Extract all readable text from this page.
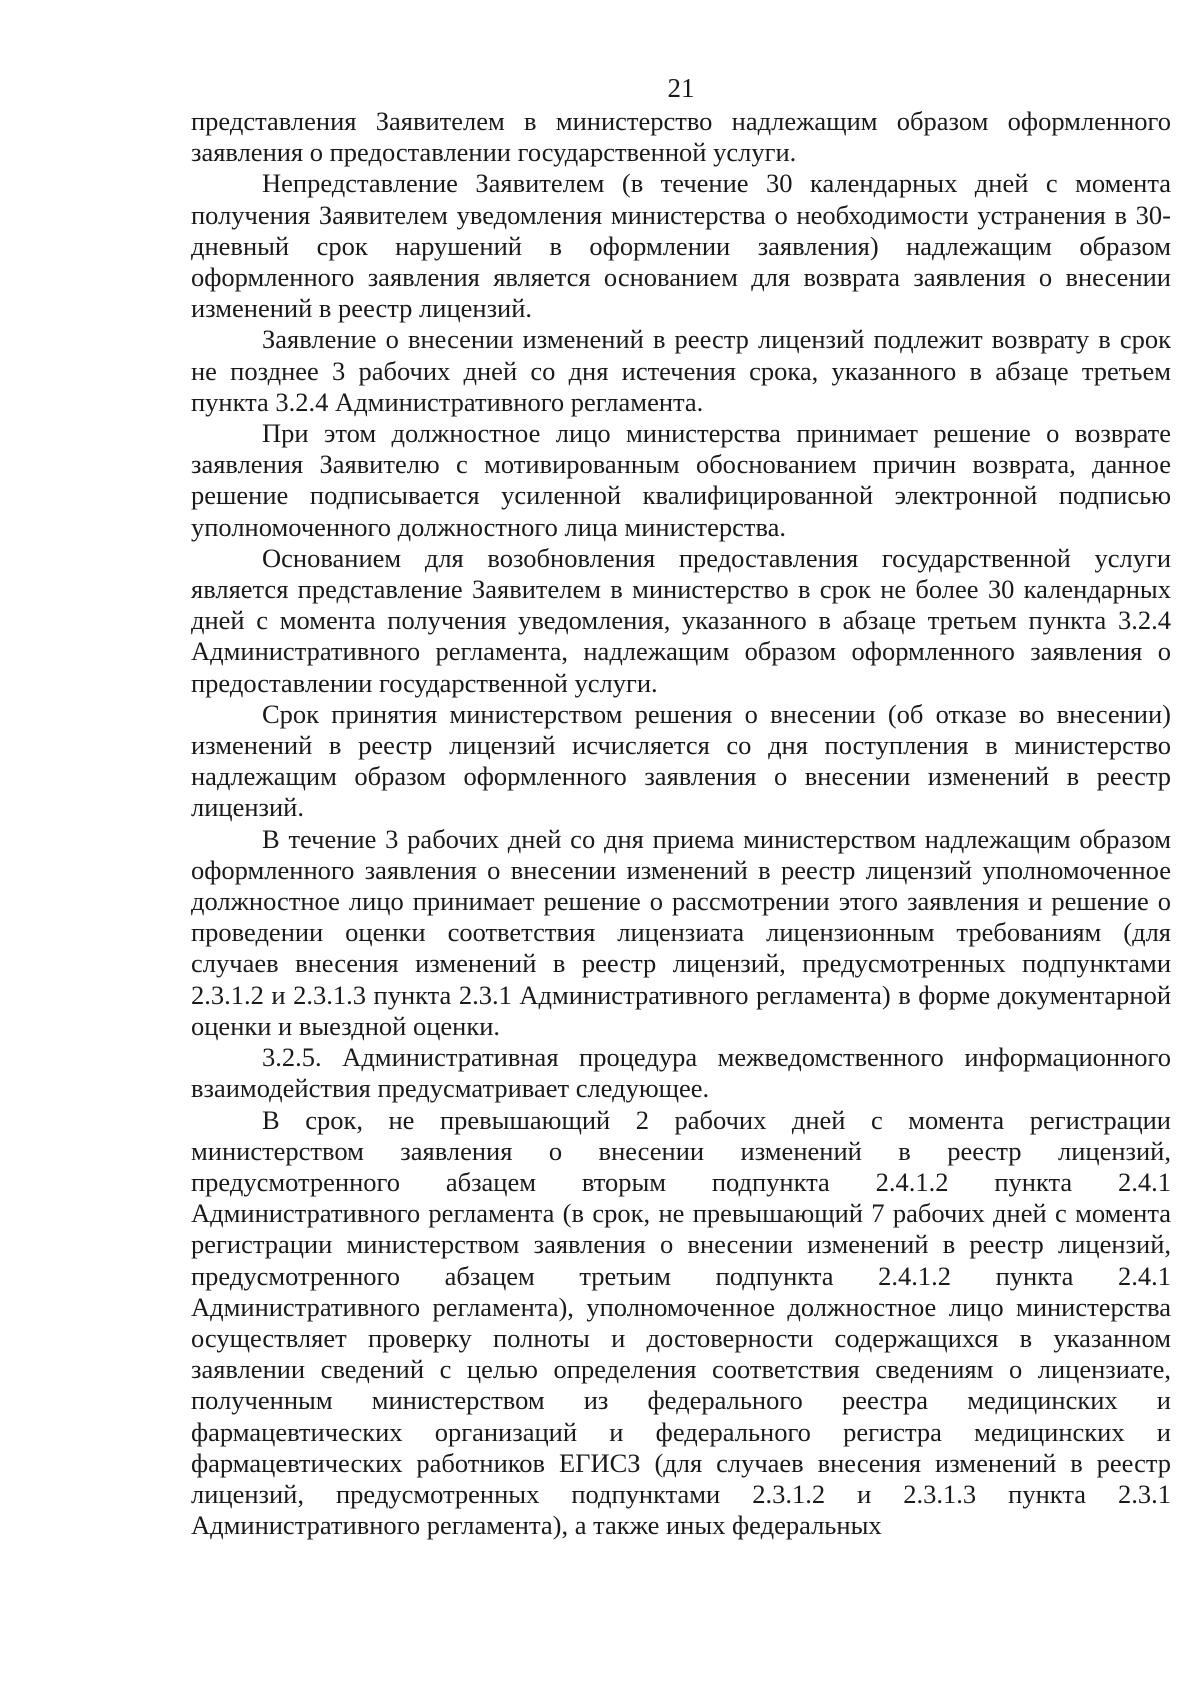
21

представления Заявителем в министерство надлежащим образом оформленного заявления о предоставлении государственной услуги.

Непредставление Заявителем (в течение 30 календарных дней с момента получения Заявителем уведомления министерства о необходимости устранения в 30-дневный срок нарушений в оформлении заявления) надлежащим образом оформленного заявления является основанием для возврата заявления о внесении изменений в реестр лицензий.

Заявление о внесении изменений в реестр лицензий подлежит возврату в срок не позднее 3 рабочих дней со дня истечения срока, указанного в абзаце третьем пункта 3.2.4 Административного регламента.

При этом должностное лицо министерства принимает решение о возврате заявления Заявителю с мотивированным обоснованием причин возврата, данное решение подписывается усиленной квалифицированной электронной подписью уполномоченного должностного лица министерства.

Основанием для возобновления предоставления государственной услуги является представление Заявителем в министерство в срок не более 30 календарных дней с момента получения уведомления, указанного в абзаце третьем пункта 3.2.4 Административного регламента, надлежащим образом оформленного заявления о предоставлении государственной услуги.

Срок принятия министерством решения о внесении (об отказе во внесении) изменений в реестр лицензий исчисляется со дня поступления в министерство надлежащим образом оформленного заявления о внесении изменений в реестр лицензий.

В течение 3 рабочих дней со дня приема министерством надлежащим образом оформленного заявления о внесении изменений в реестр лицензий уполномоченное должностное лицо принимает решение о рассмотрении этого заявления и решение о проведении оценки соответствия лицензиата лицензионным требованиям (для случаев внесения изменений в реестр лицензий, предусмотренных подпунктами 2.3.1.2 и 2.3.1.3 пункта 2.3.1 Административного регламента) в форме документарной оценки и выездной оценки.

3.2.5. Административная процедура межведомственного информационного взаимодействия предусматривает следующее.

В срок, не превышающий 2 рабочих дней с момента регистрации министерством заявления о внесении изменений в реестр лицензий, предусмотренного абзацем вторым подпункта 2.4.1.2 пункта 2.4.1 Административного регламента (в срок, не превышающий 7 рабочих дней с момента регистрации министерством заявления о внесении изменений в реестр лицензий, предусмотренного абзацем третьим подпункта 2.4.1.2 пункта 2.4.1 Административного регламента), уполномоченное должностное лицо министерства осуществляет проверку полноты и достоверности содержащихся в указанном заявлении сведений с целью определения соответствия сведениям о лицензиате, полученным министерством из федерального реестра медицинских и фармацевтических организаций и федерального регистра медицинских и фармацевтических работников ЕГИСЗ (для случаев внесения изменений в реестр лицензий, предусмотренных подпунктами 2.3.1.2 и 2.3.1.3 пункта 2.3.1 Административного регламента), а также иных федеральных
